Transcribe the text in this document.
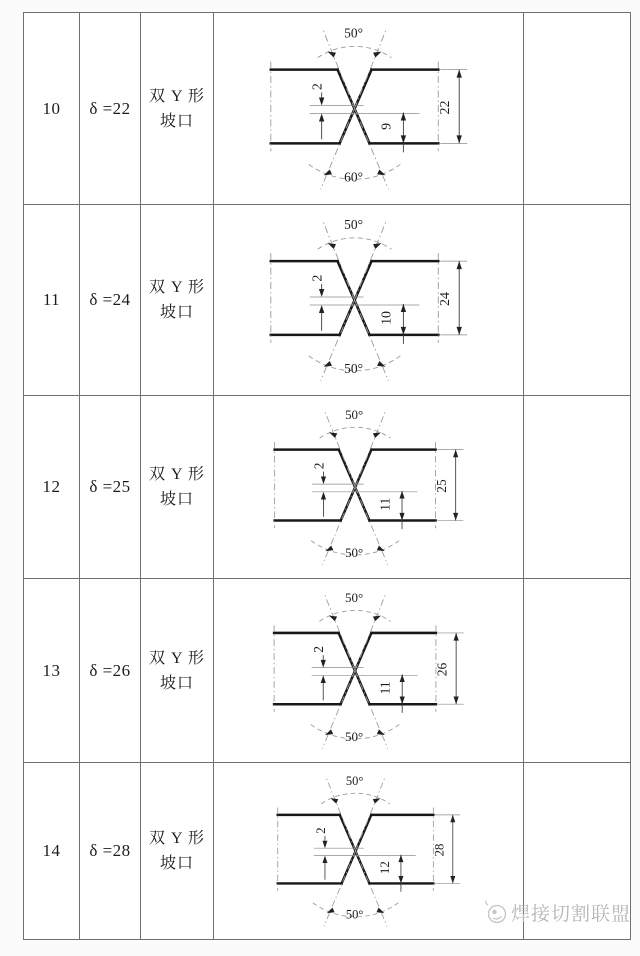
10 δ =22
双 Y 形
坡口
50°
60°
2
9
22
11 δ =24
双 Y 形
坡口
50°
50°
2
10
24
12 δ =25
双 Y 形
坡口
50°
50°
2
11
25
13 δ =26
双 Y 形
坡口
50°
50°
2
11
26
14 δ =28
双 Y 形
坡口
50°
50°
2
12
28
焊接切割联盟
